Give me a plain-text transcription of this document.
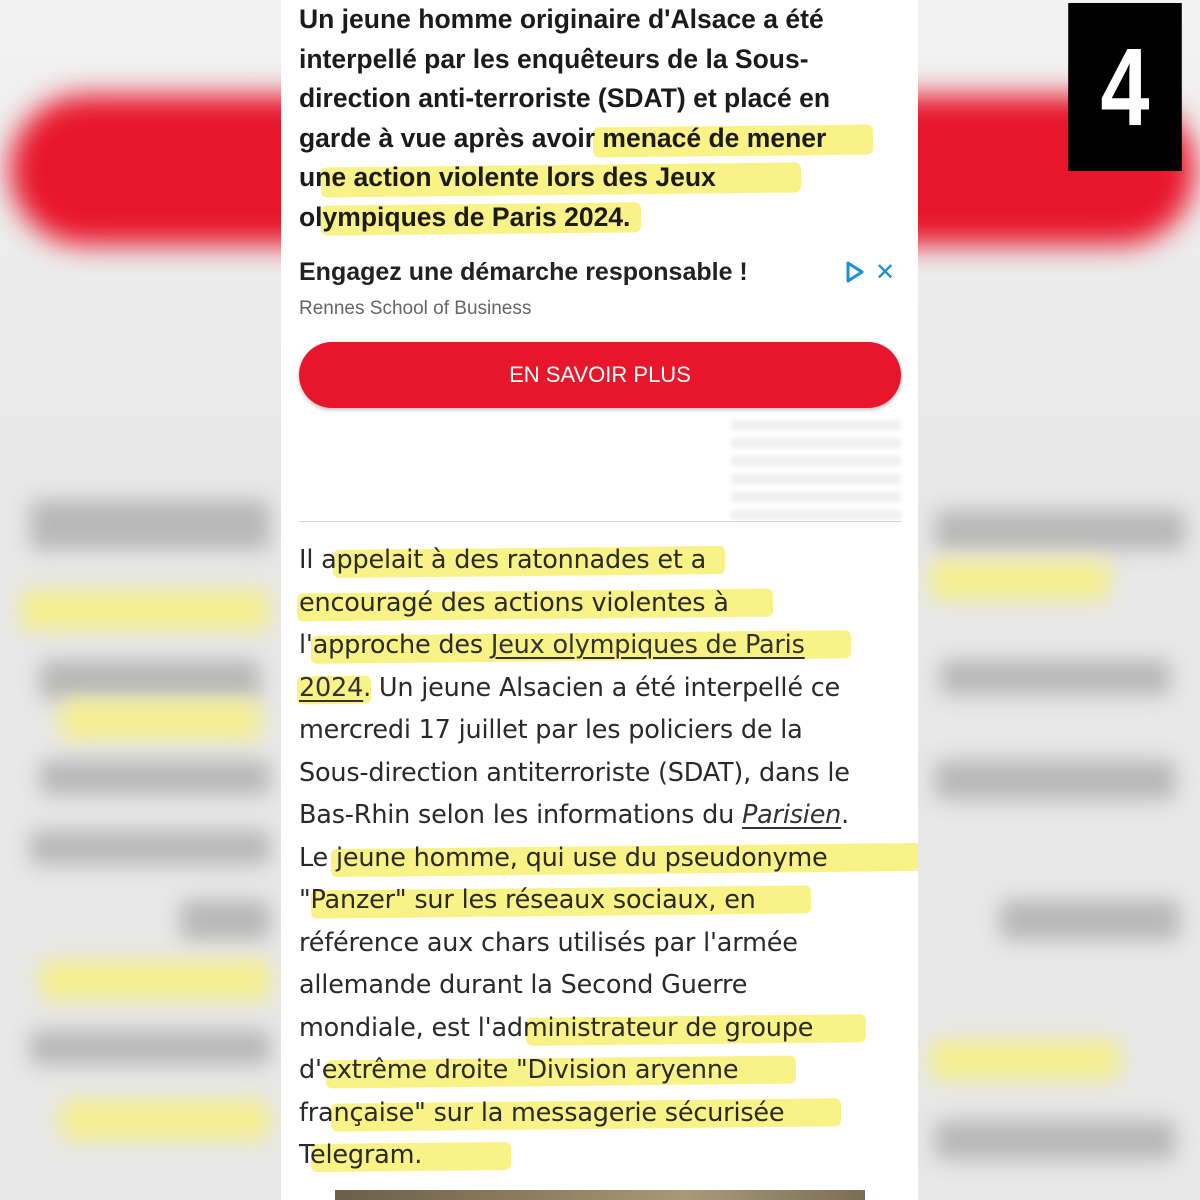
4
Un jeune homme originaire d'Alsace a été
interpellé par les enquêteurs de la Sous-
direction anti-terroriste (SDAT) et placé en
garde à vue après avoir menacé de mener
une action violente lors des Jeux
olympiques de Paris 2024.
Engagez une démarche responsable !
Rennes School of Business
✕
EN SAVOIR PLUS
Il appelait à des ratonnades et a
encouragé des actions violentes à
l'approche des Jeux olympiques de Paris
2024. Un jeune Alsacien a été interpellé ce
mercredi 17 juillet par les policiers de la
Sous-direction antiterroriste (SDAT), dans le
Bas-Rhin selon les informations du Parisien.
Le jeune homme, qui use du pseudonyme
"Panzer" sur les réseaux sociaux, en
référence aux chars utilisés par l'armée
allemande durant la Second Guerre
mondiale, est l'administrateur de groupe
d'extrême droite "Division aryenne
française" sur la messagerie sécurisée
Telegram.
